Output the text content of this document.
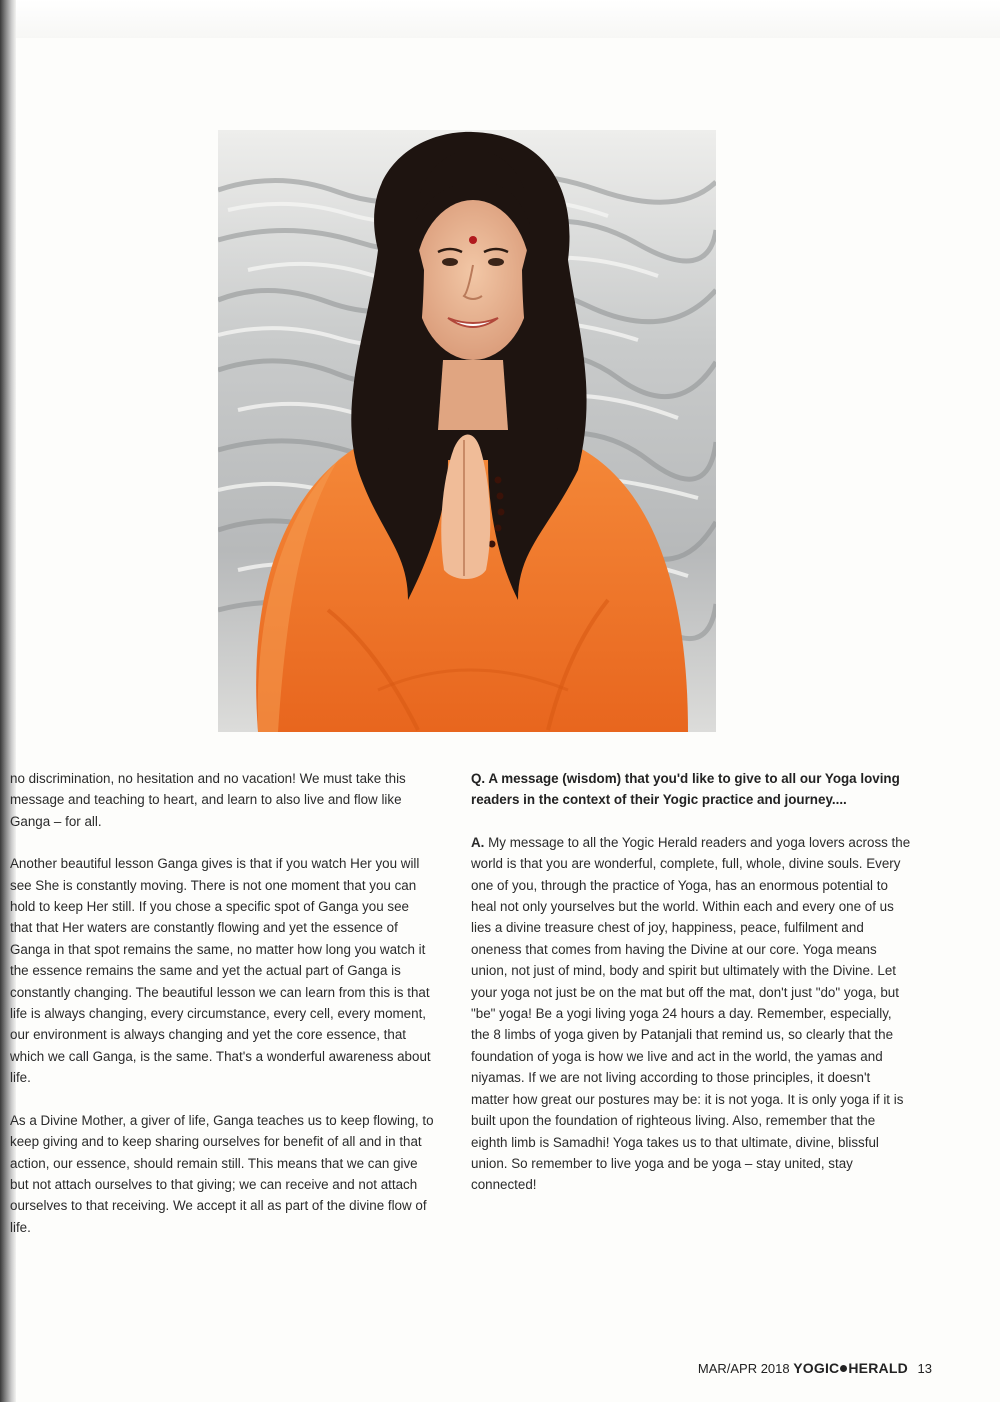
no discrimination, no hesitation and no vacation! We must take this message and teaching to heart, and learn to also live and flow like Ganga – for all.

Another beautiful lesson Ganga gives is that if you watch Her you will see She is constantly moving. There is not one moment that you can hold to keep Her still. If you chose a specific spot of Ganga you see that that Her waters are constantly flowing and yet the essence of Ganga in that spot remains the same, no matter how long you watch it the essence remains the same and yet the actual part of Ganga is constantly changing. The beautiful lesson we can learn from this is that life is always changing, every circumstance, every cell, every moment, our environment is always changing and yet the core essence, that which we call Ganga, is the same. That's a wonderful awareness about life.

As a Divine Mother, a giver of life, Ganga teaches us to keep flowing, to keep giving and to keep sharing ourselves for benefit of all and in that action, our essence, should remain still. This means that we can give but not attach ourselves to that giving; we can receive and not attach ourselves to that receiving. We accept it all as part of the divine flow of life.

Q. A message (wisdom) that you'd like to give to all our Yoga loving readers in the context of their Yogic practice and journey....

A. My message to all the Yogic Herald readers and yoga lovers across the world is that you are wonderful, complete, full, whole, divine souls. Every one of you, through the practice of Yoga, has an enormous potential to heal not only yourselves but the world. Within each and every one of us lies a divine treasure chest of joy, happiness, peace, fulfilment and oneness that comes from having the Divine at our core. Yoga means union, not just of mind, body and spirit but ultimately with the Divine. Let your yoga not just be on the mat but off the mat, don't just "do" yoga, but "be" yoga! Be a yogi living yoga 24 hours a day. Remember, especially, the 8 limbs of yoga given by Patanjali that remind us, so clearly that the foundation of yoga is how we live and act in the world, the yamas and niyamas. If we are not living according to those principles, it doesn't matter how great our postures may be: it is not yoga. It is only yoga if it is built upon the foundation of righteous living. Also, remember that the eighth limb is Samadhi! Yoga takes us to that ultimate, divine, blissful union. So remember to live yoga and be yoga – stay united, stay connected!

MAR/APR 2018 YOGIC HERALD 13
